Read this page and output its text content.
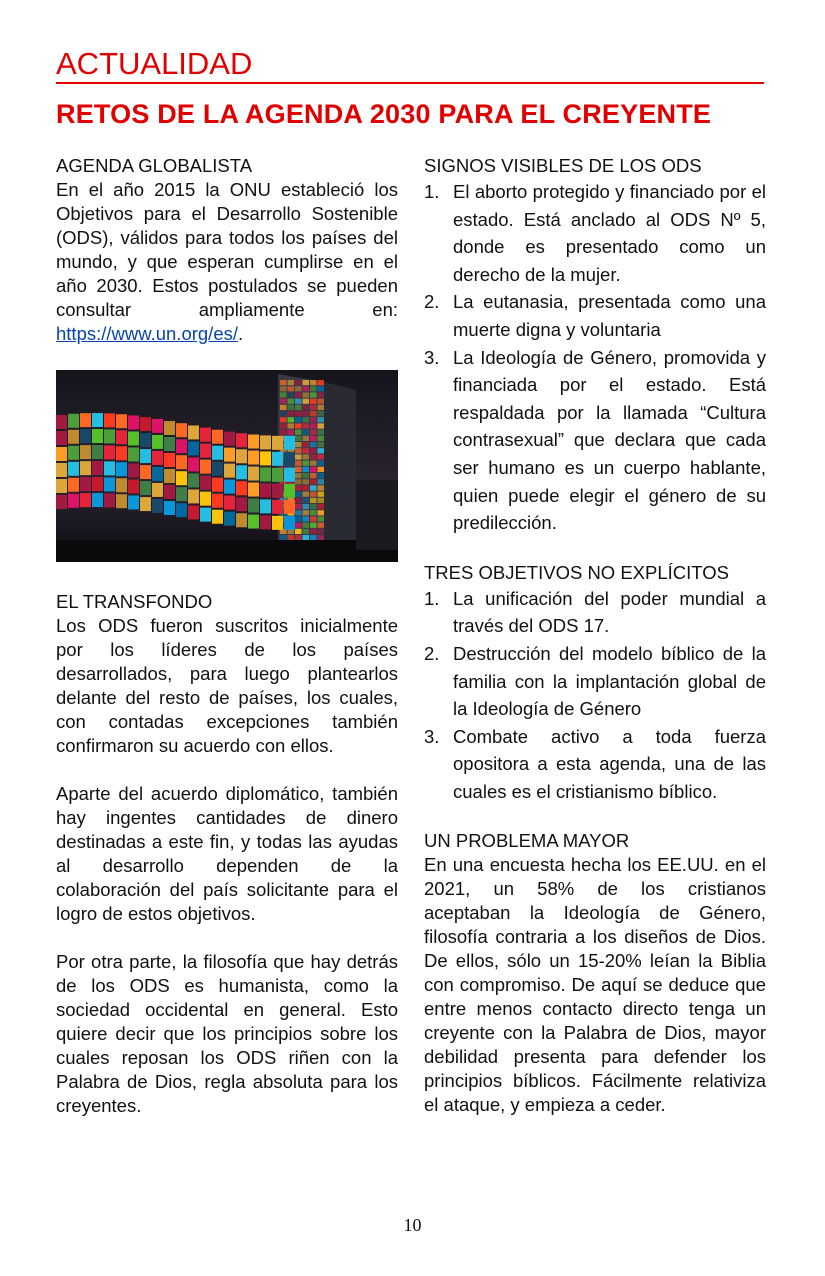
ACTUALIDAD
RETOS DE LA AGENDA 2030 PARA EL CREYENTE
AGENDA GLOBALISTA

En el año 2015 la ONU estableció los Objetivos para el Desarrollo Sostenible (ODS), válidos para todos los países del mundo, y que esperan cumplirse en el año 2030. Estos postulados se pueden consultar ampliamente en: https://www.un.org/es/.

EL TRANSFONDO

Los ODS fueron suscritos inicialmente por los líderes de los países desarrollados, para luego plantearlos delante del resto de países, los cuales, con contadas excepciones también confirmaron su acuerdo con ellos.

Aparte del acuerdo diplomático, también hay ingentes cantidades de dinero destinadas a este fin, y todas las ayudas al desarrollo dependen de la colaboración del país solicitante para el logro de estos objetivos.

Por otra parte, la filosofía que hay detrás de los ODS es humanista, como la sociedad occidental en general. Esto quiere decir que los principios sobre los cuales reposan los ODS riñen con la Palabra de Dios, regla absoluta para los creyentes.

SIGNOS VISIBLES DE LOS ODS
1. El aborto protegido y financiado por el estado. Está anclado al ODS Nº 5, donde es presentado como un derecho de la mujer.
2. La eutanasia, presentada como una muerte digna y voluntaria
3. La Ideología de Género, promovida y financiada por el estado. Está respaldada por la llamada “Cultura contrasexual” que declara que cada ser humano es un cuerpo hablante, quien puede elegir el género de su predilección.
TRES OBJETIVOS NO EXPLÍCITOS
1. La unificación del poder mundial a través del ODS 17.
2. Destrucción del modelo bíblico de la familia con la implantación global de la Ideología de Género
3. Combate activo a toda fuerza opositora a esta agenda, una de las cuales es el cristianismo bíblico.
UN PROBLEMA MAYOR

En una encuesta hecha los EE.UU. en el 2021, un 58% de los cristianos aceptaban la Ideología de Género, filosofía contraria a los diseños de Dios. De ellos, sólo un 15-20% leían la Biblia con compromiso. De aquí se deduce que entre menos contacto directo tenga un creyente con la Palabra de Dios, mayor debilidad presenta para defender los principios bíblicos. Fácilmente relativiza el ataque, y empieza a ceder.

10
